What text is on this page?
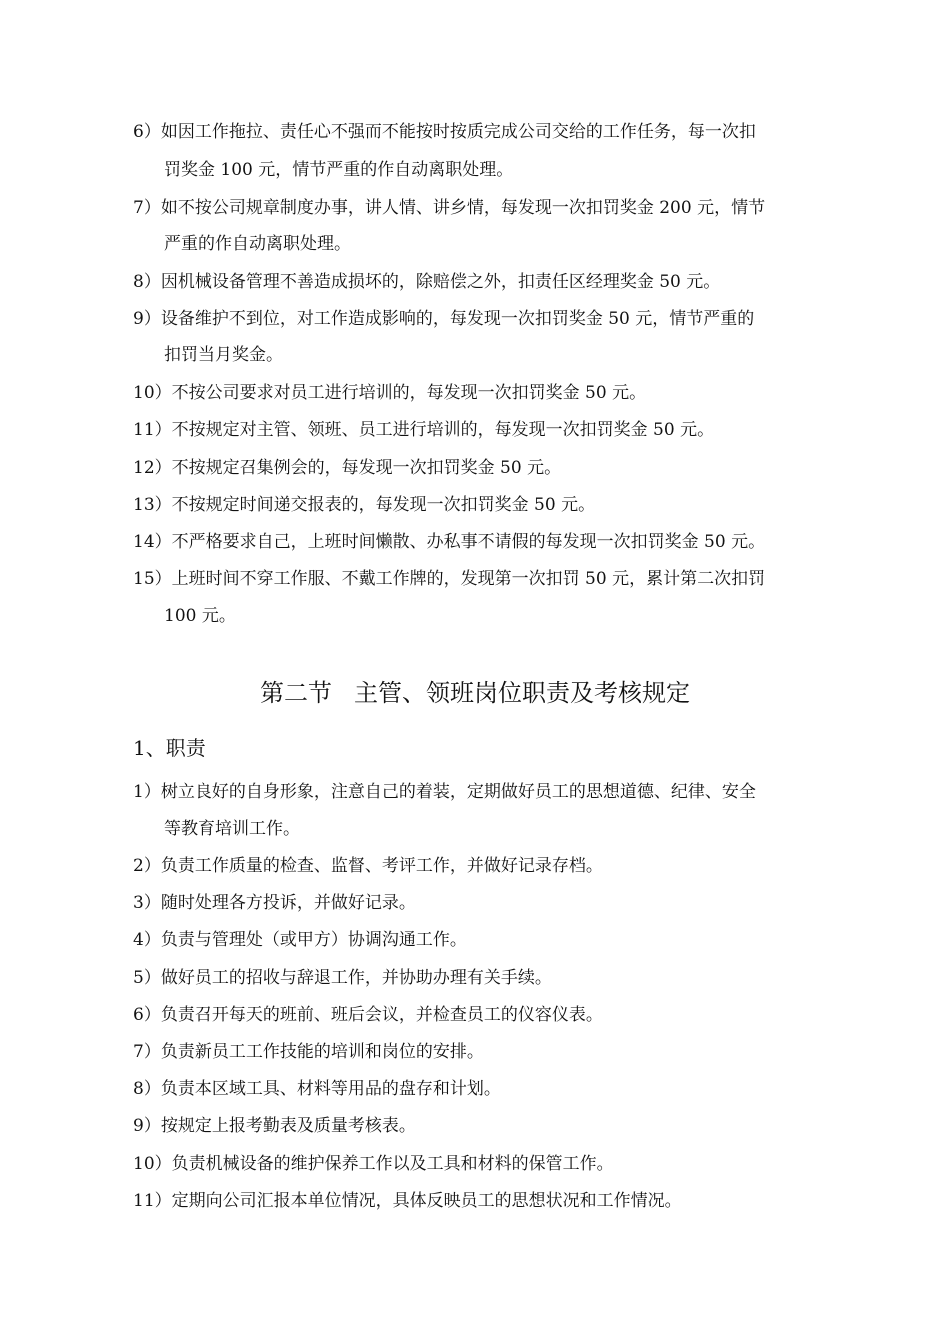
6）如因工作拖拉、责任心不强而不能按时按质完成公司交给的工作任务，每一次扣
罚奖金 100 元，情节严重的作自动离职处理。
7）如不按公司规章制度办事，讲人情、讲乡情，每发现一次扣罚奖金 200 元，情节
严重的作自动离职处理。
8）因机械设备管理不善造成损坏的，除赔偿之外，扣责任区经理奖金 50 元。
9）设备维护不到位，对工作造成影响的，每发现一次扣罚奖金 50 元，情节严重的
扣罚当月奖金。
10）不按公司要求对员工进行培训的，每发现一次扣罚奖金 50 元。
11）不按规定对主管、领班、员工进行培训的，每发现一次扣罚奖金 50 元。
12）不按规定召集例会的，每发现一次扣罚奖金 50 元。
13）不按规定时间递交报表的，每发现一次扣罚奖金 50 元。
14）不严格要求自己，上班时间懒散、办私事不请假的每发现一次扣罚奖金 50 元。
15）上班时间不穿工作服、不戴工作牌的，发现第一次扣罚 50 元，累计第二次扣罚
100 元。
第二节 主管、领班岗位职责及考核规定
1、职责
1）树立良好的自身形象，注意自己的着装，定期做好员工的思想道德、纪律、安全
等教育培训工作。
2）负责工作质量的检查、监督、考评工作，并做好记录存档。
3）随时处理各方投诉，并做好记录。
4）负责与管理处（或甲方）协调沟通工作。
5）做好员工的招收与辞退工作，并协助办理有关手续。
6）负责召开每天的班前、班后会议，并检查员工的仪容仪表。
7）负责新员工工作技能的培训和岗位的安排。
8）负责本区域工具、材料等用品的盘存和计划。
9）按规定上报考勤表及质量考核表。
10）负责机械设备的维护保养工作以及工具和材料的保管工作。
11）定期向公司汇报本单位情况，具体反映员工的思想状况和工作情况。
